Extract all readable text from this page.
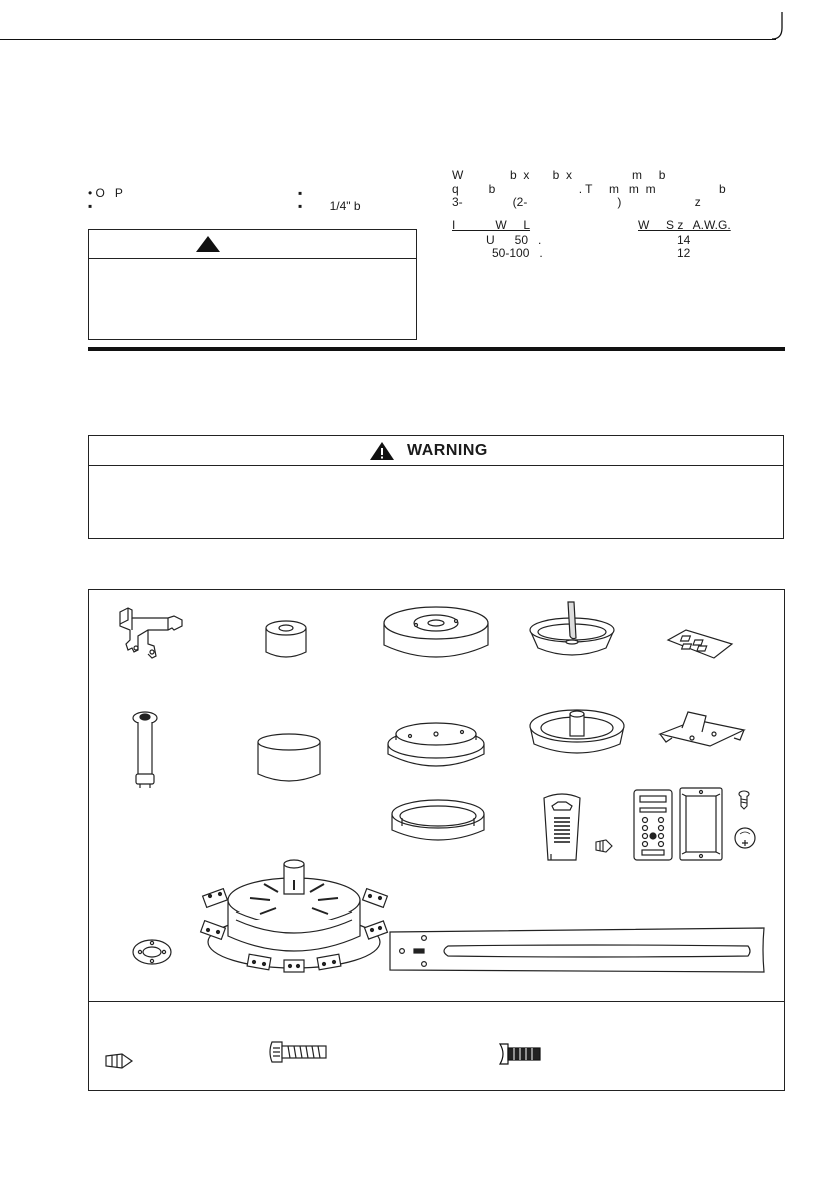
• O   P
▪
▪
▪ 1/4" b
W              b  x       b  x                  m     b
q         b                         . T     m   m  m                   b
3-               (2-                           )                      z
I            W     L	W     S z   A.W.G.
U      50   .	14
50-100   .	12
WARNING
